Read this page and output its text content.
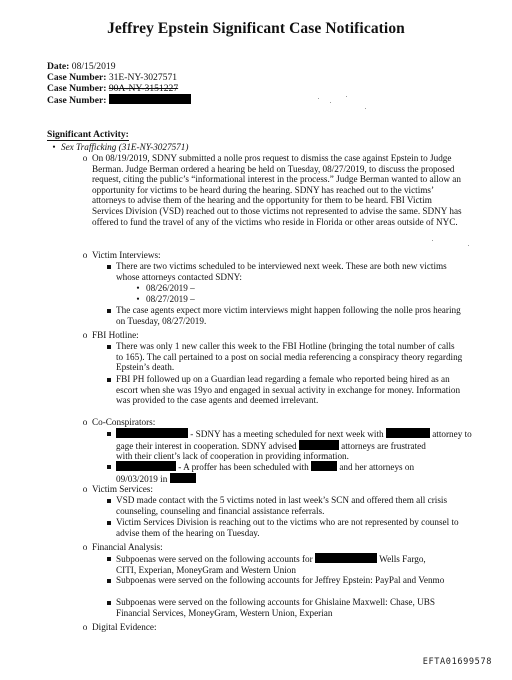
Jeffrey Epstein Significant Case Notification
Date: 08/15/2019
Case Number: 31E-NY-3027571
Case Number: 90A-NY-3151227
Case Number:
Significant Activity:
• Sex Trafficking (31E-NY-3027571)
o On 08/19/2019, SDNY submitted a nolle pros request to dismiss the case against Epstein to Judge Berman. Judge Berman ordered a hearing be held on Tuesday, 08/27/2019, to discuss the proposed request, citing the public’s “informational interest in the process.” Judge Berman wanted to allow an opportunity for victims to be heard during the hearing. SDNY has reached out to the victims’ attorneys to advise them of the hearing and the opportunity for them to be heard. FBI Victim Services Division (VSD) reached out to those victims not represented to advise the same. SDNY has offered to fund the travel of any of the victims who reside in Florida or other areas outside of NYC.
o Victim Interviews:
There are two victims scheduled to be interviewed next week. These are both new victims whose attorneys contacted SDNY:
• 08/26/2019 –
• 08/27/2019 –
The case agents expect more victim interviews might happen following the nolle pros hearing on Tuesday, 08/27/2019.
o FBI Hotline:
There was only 1 new caller this week to the FBI Hotline (bringing the total number of calls to 165). The call pertained to a post on social media referencing a conspiracy theory regarding Epstein’s death.
FBI PH followed up on a Guardian lead regarding a female who reported being hired as an escort when she was 19yo and engaged in sexual activity in exchange for money. Information was provided to the case agents and deemed irrelevant.
o Co-Conspirators:
- SDNY has a meeting scheduled for next week with	attorney to
gage their interest in cooperation. SDNY advised	attorneys are frustrated
with their client’s lack of cooperation in providing information.
- A proffer has been scheduled with	and her attorneys on
09/03/2019 in
o Victim Services:
VSD made contact with the 5 victims noted in last week’s SCN and offered them all crisis counseling, counseling and financial assistance referrals.
Victim Services Division is reaching out to the victims who are not represented by counsel to advise them of the hearing on Tuesday.
o Financial Analysis:
Subpoenas were served on the following accounts for	Wells Fargo,
CITI, Experian, MoneyGram and Western Union
Subpoenas were served on the following accounts for Jeffrey Epstein: PayPal and Venmo
Subpoenas were served on the following accounts for Ghislaine Maxwell: Chase, UBS Financial Services, MoneyGram, Western Union, Experian
o Digital Evidence:
EFTA01699578
